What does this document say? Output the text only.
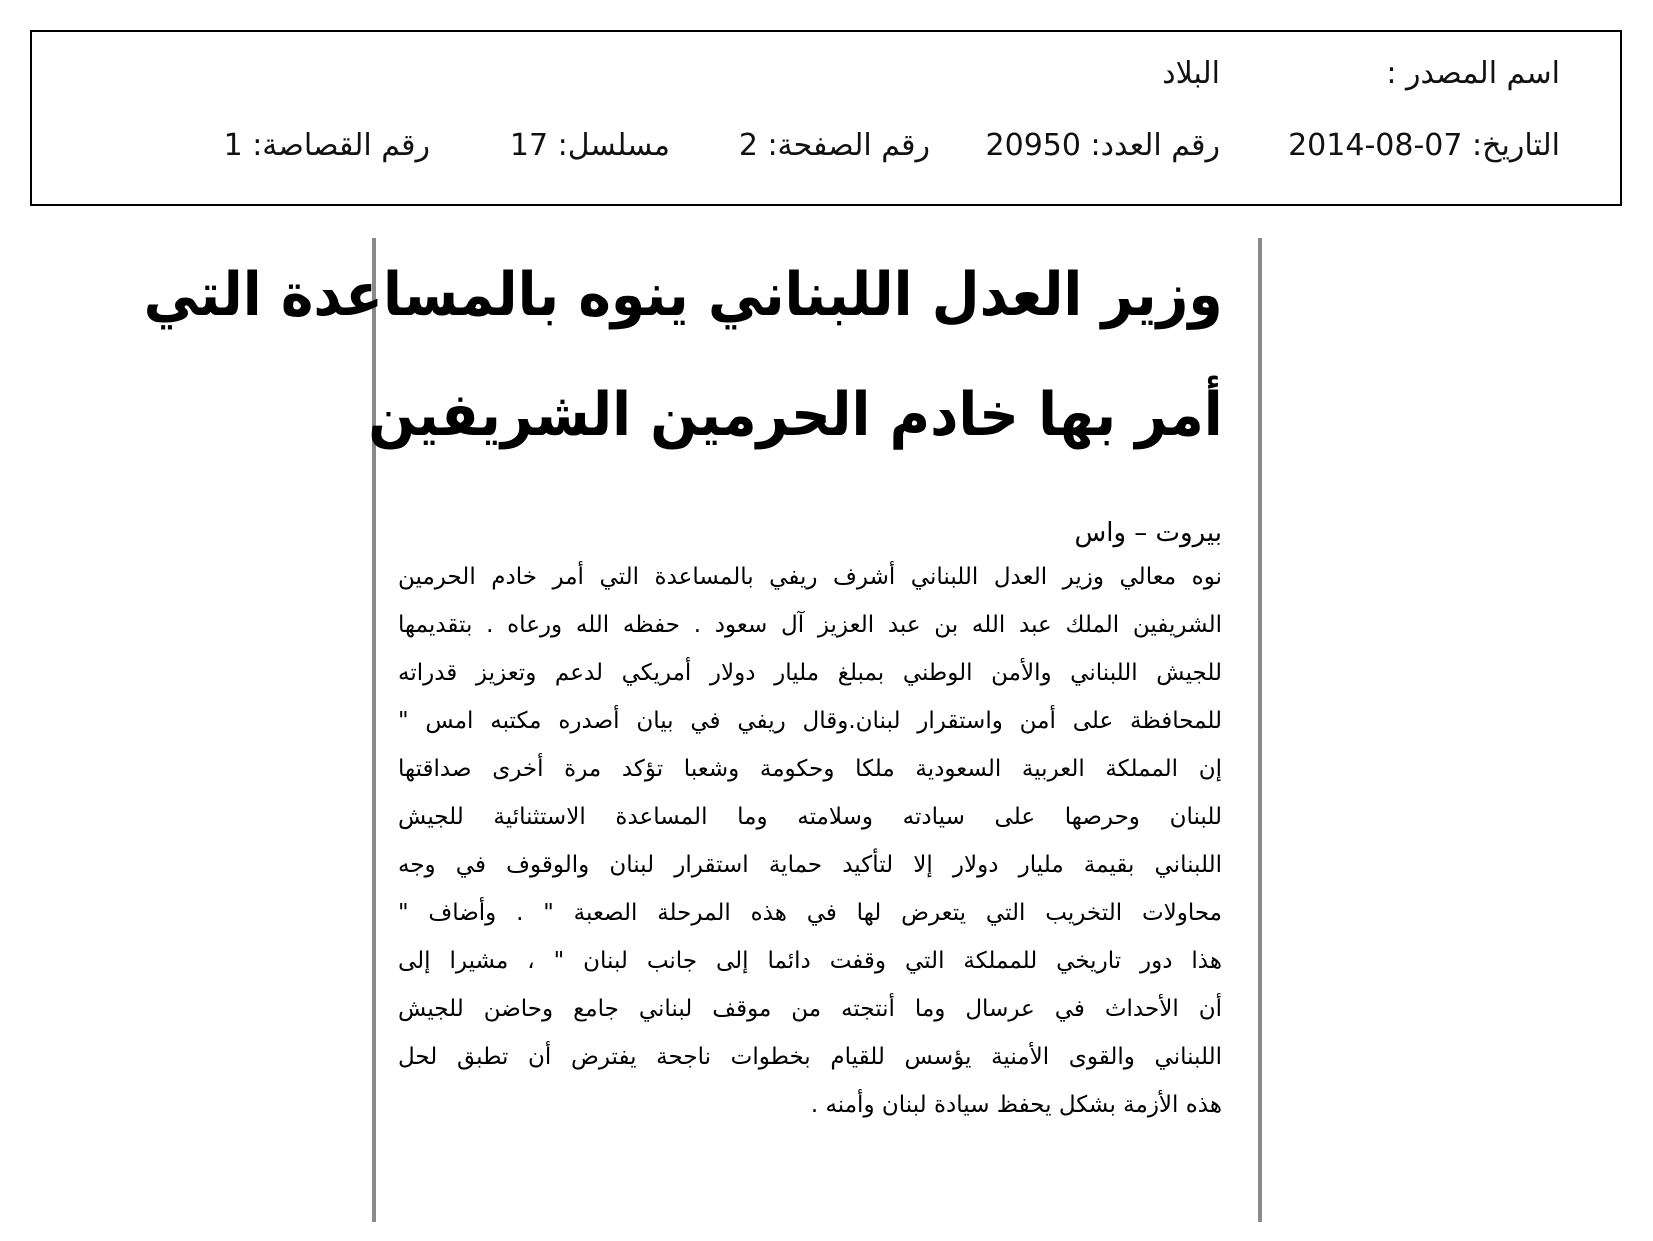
اسم المصدر :
البلاد
التاريخ: 07-08-2014
رقم العدد: 20950
رقم الصفحة: 2
مسلسل: 17
رقم القصاصة: 1
وزير العدل اللبناني ينوه بالمساعدة التي
أمر بها خادم الحرمين الشريفين
بيروت – واس
نوه معالي وزير العدل اللبناني أشرف ريفي بالمساعدة التي أمر خادم الحرمين
الشريفين الملك عبد الله بن عبد العزيز آل سعود . حفظه الله ورعاه . بتقديمها
للجيش اللبناني والأمن الوطني بمبلغ مليار دولار أمريكي لدعم وتعزيز قدراته
للمحافظة على أمن واستقرار لبنان.وقال ريفي في بيان أصدره مكتبه امس "
إن المملكة العربية السعودية ملكا وحكومة وشعبا تؤكد مرة أخرى صداقتها
للبنان وحرصها على سيادته وسلامته وما المساعدة الاستثنائية للجيش
اللبناني بقيمة مليار دولار إلا لتأكيد حماية استقرار لبنان والوقوف في وجه
محاولات التخريب التي يتعرض لها في هذه المرحلة الصعبة " . وأضاف "
هذا دور تاريخي للمملكة التي وقفت دائما إلى جانب لبنان " ، مشيرا إلى
أن الأحداث في عرسال وما أنتجته من موقف لبناني جامع وحاضن للجيش
اللبناني والقوى الأمنية يؤسس للقيام بخطوات ناجحة يفترض أن تطبق لحل
هذه الأزمة بشكل يحفظ سيادة لبنان وأمنه .
